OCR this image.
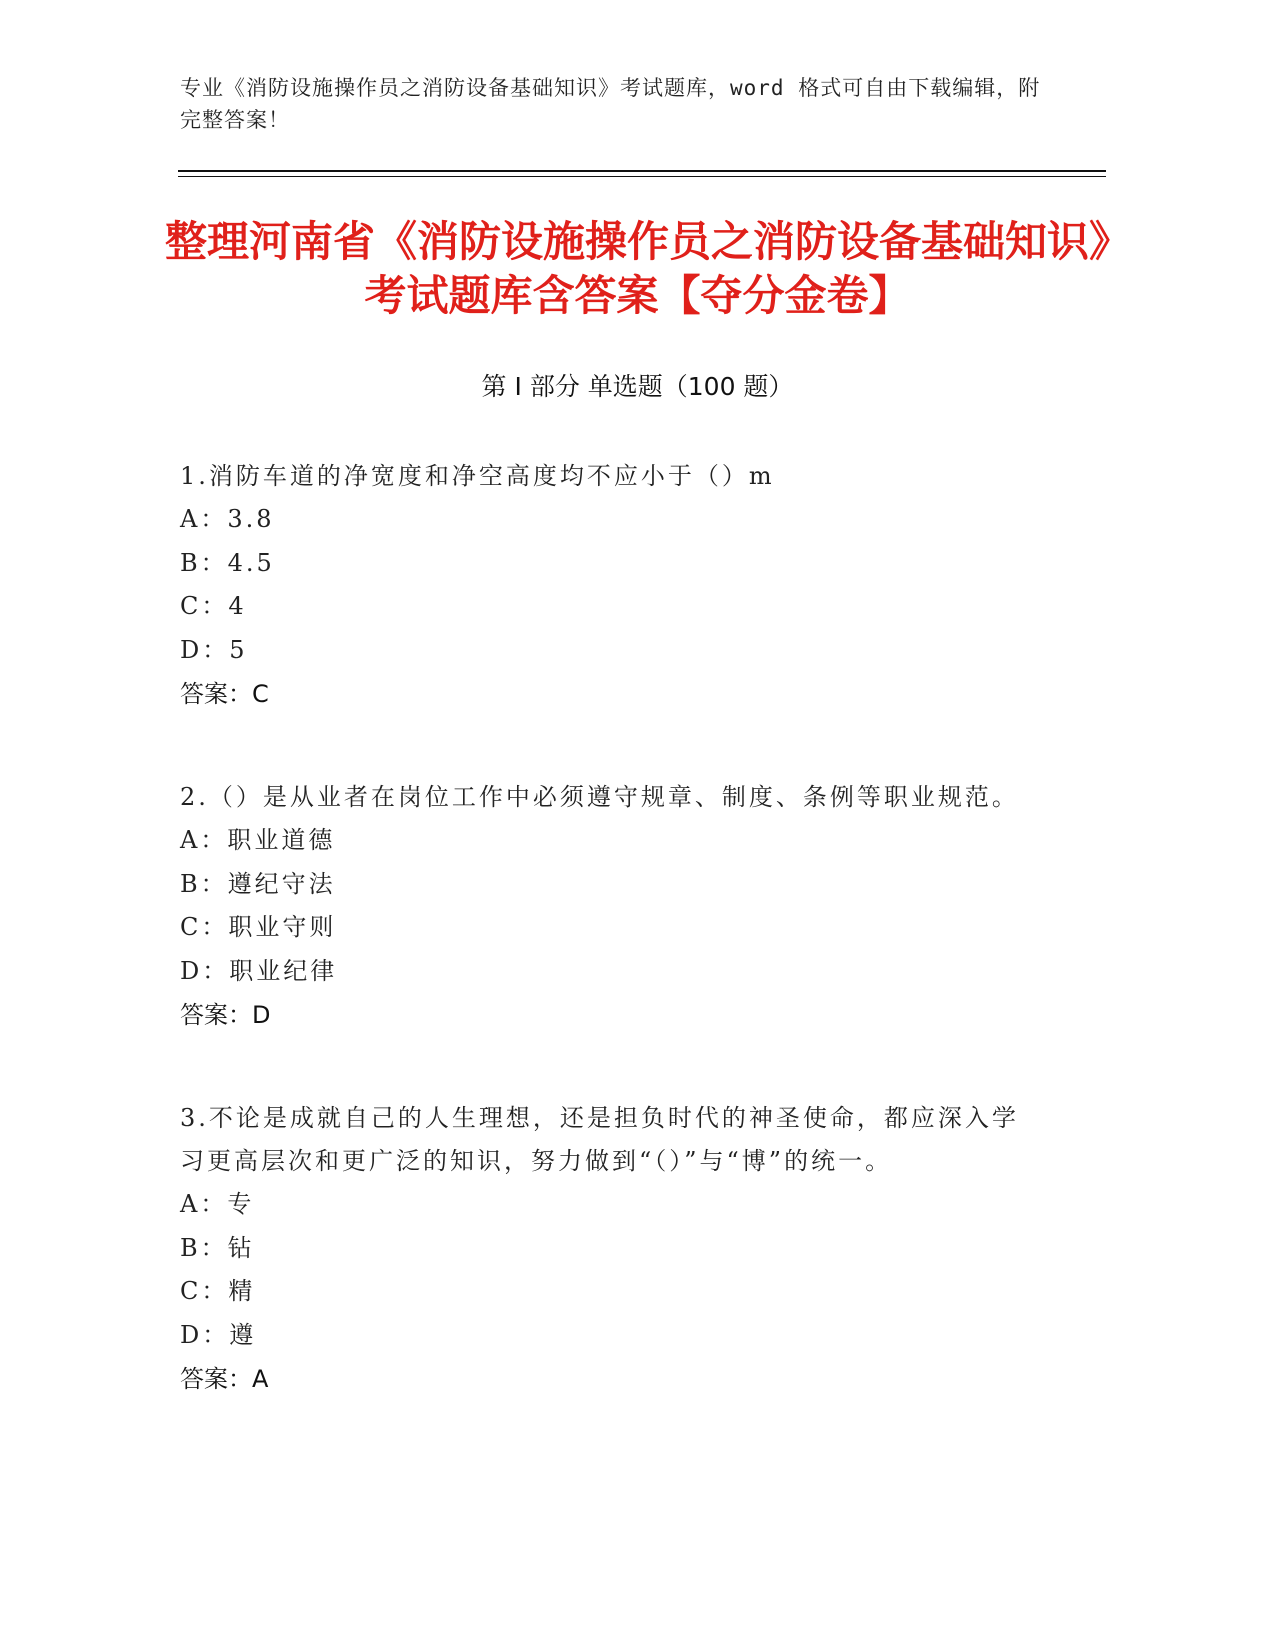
专业《消防设施操作员之消防设备基础知识》考试题库，word 格式可自由下载编辑，附完整答案！
整理河南省《消防设施操作员之消防设备基础知识》考试题库含答案【夺分金卷】
第 I 部分 单选题（100 题）
1.消防车道的净宽度和净空高度均不应小于（）m
A：3.8
B：4.5
C：4
D：5
答案：C
2.（）是从业者在岗位工作中必须遵守规章、制度、条例等职业规范。
A：职业道德
B：遵纪守法
C：职业守则
D：职业纪律
答案：D
3.不论是成就自己的人生理想，还是担负时代的神圣使命，都应深入学习更高层次和更广泛的知识，努力做到“（）”与“博”的统一。
A：专
B：钻
C：精
D：遵
答案：A
